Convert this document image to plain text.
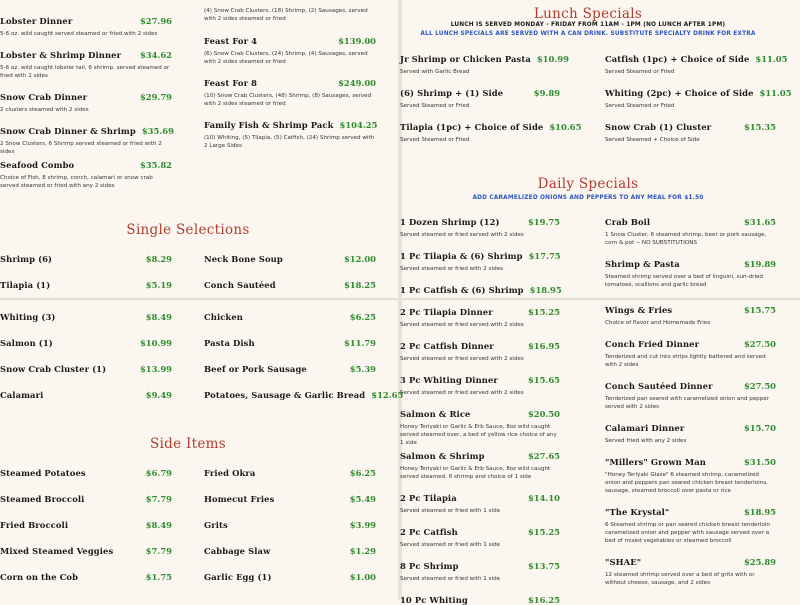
Lobster Dinner	$27.96
5-6 oz. wild caught served steamed or fried with 2 sides
Lobster & Shrimp Dinner	$34.62
5-6 oz. wild caught lobster tail, 6 shrimp, served steamed or fried with 2 sides
Snow Crab Dinner	$29.79
2 clusters steamed with 2 sides
Snow Crab Dinner & Shrimp $35.69
2 Snow Clusters, 6 Shrimp served steamed or fried with 2 sides
Seafood Combo	$35.82
Choice of Fish, 8 shrimp, conch, calamari or snow crab served steamed or fried with any 2 sides
(4) Snow Crab Clusters, (18) Shrimp, (2) Sausages, served with 2 sides steamed or fried
Feast For 4	$139.00
(6) Snow Crab Clusters, (24) Shrimp, (4) Sausages, served with 2 sides steamed or fried
Feast For 8	$249.00
(10) Snow Crab Clusters, (48) Shrimp, (8) Sausages, served with 2 sides steamed or fried
Family Fish & Shrimp Pack $104.25
(10) Whiting, (5) Tilapia, (5) Catfish, (24) Shrimp served with 2 Large Sides
Single Selections
Shrimp (6)	$8.29
Tilapia (1)	$5.19
Whiting (3)	$8.49
Salmon (1)	$10.99
Snow Crab Cluster (1)	$13.99
Calamari	$9.49
Neck Bone Soup	$12.00
Conch Sautéed	$18.25
Chicken	$6.25
Pasta Dish	$11.79
Beef or Pork Sausage	$5.39
Potatoes, Sausage & Garlic Bread $12.65
Side Items
Steamed Potatoes	$6.79
Steamed Broccoli	$7.79
Fried Broccoli	$8.49
Mixed Steamed Veggies	$7.79
Corn on the Cob	$1.75
Fried Okra	$6.25
Homecut Fries	$5.49
Grits	$3.99
Cabbage Slaw	$1.29
Garlic Egg (1)	$1.00
Lunch Specials
LUNCH IS SERVED MONDAY - FRIDAY FROM 11AM - 1PM (NO LUNCH AFTER 1PM)
ALL LUNCH SPECIALS ARE SERVED WITH A CAN DRINK. SUBSTITUTE SPECIALTY DRINK FOR EXTRA
Jr Shrimp or Chicken Pasta $10.99
Served with Garlic Bread
(6) Shrimp + (1) Side	$9.89
Served Steamed or Fried
Tilapia (1pc) + Choice of Side $10.65
Served Steamed or Fried
Catfish (1pc) + Choice of Side $11.05
Served Steamed or Fried
Whiting (2pc) + Choice of Side $11.05
Served Steamed or Fried
Snow Crab (1) Cluster	$15.35
Served Steamed + Choice of Side
Daily Specials
ADD CARAMELIZED ONIONS AND PEPPERS TO ANY MEAL FOR $1.50
1 Dozen Shrimp (12)	$19.75
Served steamed or fried served with 2 sides
1 Pc Tilapia & (6) Shrimp $17.75
Served steamed or fried with 2 sides
1 Pc Catfish & (6) Shrimp $18.95
2 Pc Tilapia Dinner	$15.25
Served steamed or fried served with 2 sides
2 Pc Catfish Dinner	$16.95
Served steamed or fried served with 2 sides
3 Pc Whiting Dinner	$15.65
Served steamed or fried served with 2 sides
Salmon & Rice	$20.50
Honey Teriyaki or Garlic & Erb Sauce, 8oz wild caught served steamed over, a bed of yellow rice choice of any 1 side
Salmon & Shrimp	$27.65
Honey Teriyaki or Garlic & Erb Sauce, 8oz wild caught served steamed, 6 shrimp and choice of 1 side
2 Pc Tilapia	$14.10
Served steamed or fried with 1 side
2 Pc Catfish	$15.25
Served steamed or fried with 1 side
8 Pc Shrimp	$13.75
Served steamed or fried with 1 side
10 Pc Whiting	$16.25
Crab Boil	$31.65
1 Snow Cluster, 6 steamed shrimp, beer or pork sausage, corn & pot -- NO SUBSTITUTIONS
Shrimp & Pasta	$19.89
Steamed shrimp served over a bed of linguini, sun-dried tomatoes, scallions and garlic bread
Wings & Fries	$15.75
Choice of flavor and Homemade Fries
Conch Fried Dinner	$27.50
Tenderized and cut into strips lightly battered and served with 2 sides
Conch Sautéed Dinner	$27.50
Tenderized pan seared with caramelized onion and pepper served with 2 sides
Calamari Dinner	$15.70
Served fried with any 2 sides
"Millers" Grown Man	$31.50
"Honey Teriyaki Glaze" 6 steamed shrimp, caramelized onion and peppers pan seared chicken breast tenderloins, sausage, steamed broccoli over pasta or rice
"The Krystal"	$18.95
6 Steamed shrimp or pan seared chicken breast tenderloin caramelized onion and pepper with sausage served over a bed of mixed vegetables or steamed broccoli
"SHAE"	$25.89
12 steamed shrimp served over a bed of grits with or without cheese, sausage, and 2 sides
